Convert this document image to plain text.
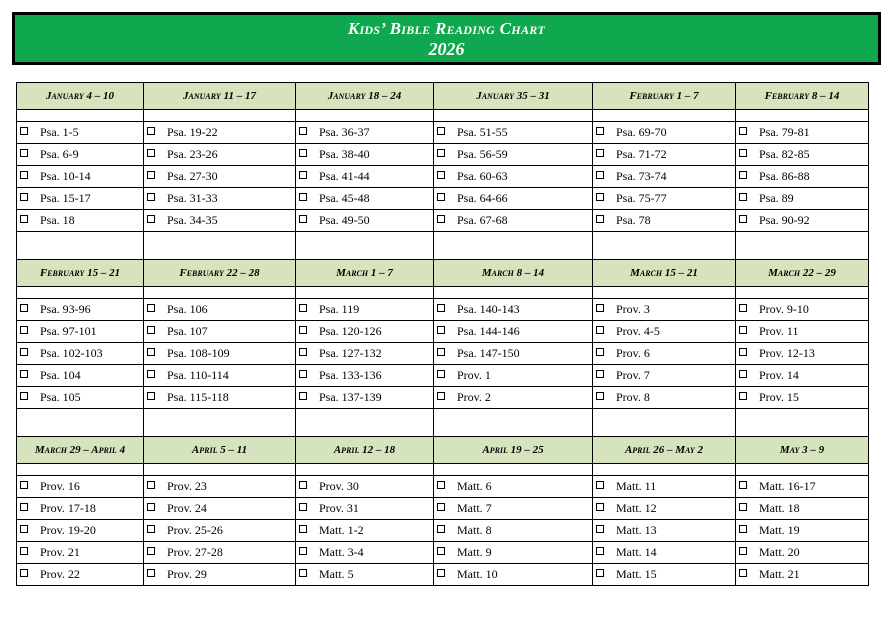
Kids’ Bible Reading Chart
2026
January 4 – 10	January 11 – 17	January 18 – 24	January 35 – 31	February 1 – 7	February 8 – 14

Psa. 1-5	Psa. 19-22	Psa. 36-37	Psa. 51-55	Psa. 69-70	Psa. 79-81
Psa. 6-9	Psa. 23-26	Psa. 38-40	Psa. 56-59	Psa. 71-72	Psa. 82-85
Psa. 10-14	Psa. 27-30	Psa. 41-44	Psa. 60-63	Psa. 73-74	Psa. 86-88
Psa. 15-17	Psa. 31-33	Psa. 45-48	Psa. 64-66	Psa. 75-77	Psa. 89
Psa. 18	Psa. 34-35	Psa. 49-50	Psa. 67-68	Psa. 78	Psa. 90-92

February 15 – 21	February 22 – 28	March 1 – 7	March 8 – 14	March 15 – 21	March 22 – 29

Psa. 93-96	Psa. 106	Psa. 119	Psa. 140-143	Prov. 3	Prov. 9-10
Psa. 97-101	Psa. 107	Psa. 120-126	Psa. 144-146	Prov. 4-5	Prov. 11
Psa. 102-103	Psa. 108-109	Psa. 127-132	Psa. 147-150	Prov. 6	Prov. 12-13
Psa. 104	Psa. 110-114	Psa. 133-136	Prov. 1	Prov. 7	Prov. 14
Psa. 105	Psa. 115-118	Psa. 137-139	Prov. 2	Prov. 8	Prov. 15

March 29 – April 4	April 5 – 11	April 12 – 18	April 19 – 25	April 26 – May 2	May 3 – 9

Prov. 16	Prov. 23	Prov. 30	Matt. 6	Matt. 11	Matt. 16-17
Prov. 17-18	Prov. 24	Prov. 31	Matt. 7	Matt. 12	Matt. 18
Prov. 19-20	Prov. 25-26	Matt. 1-2	Matt. 8	Matt. 13	Matt. 19
Prov. 21	Prov. 27-28	Matt. 3-4	Matt. 9	Matt. 14	Matt. 20
Prov. 22	Prov. 29	Matt. 5	Matt. 10	Matt. 15	Matt. 21
